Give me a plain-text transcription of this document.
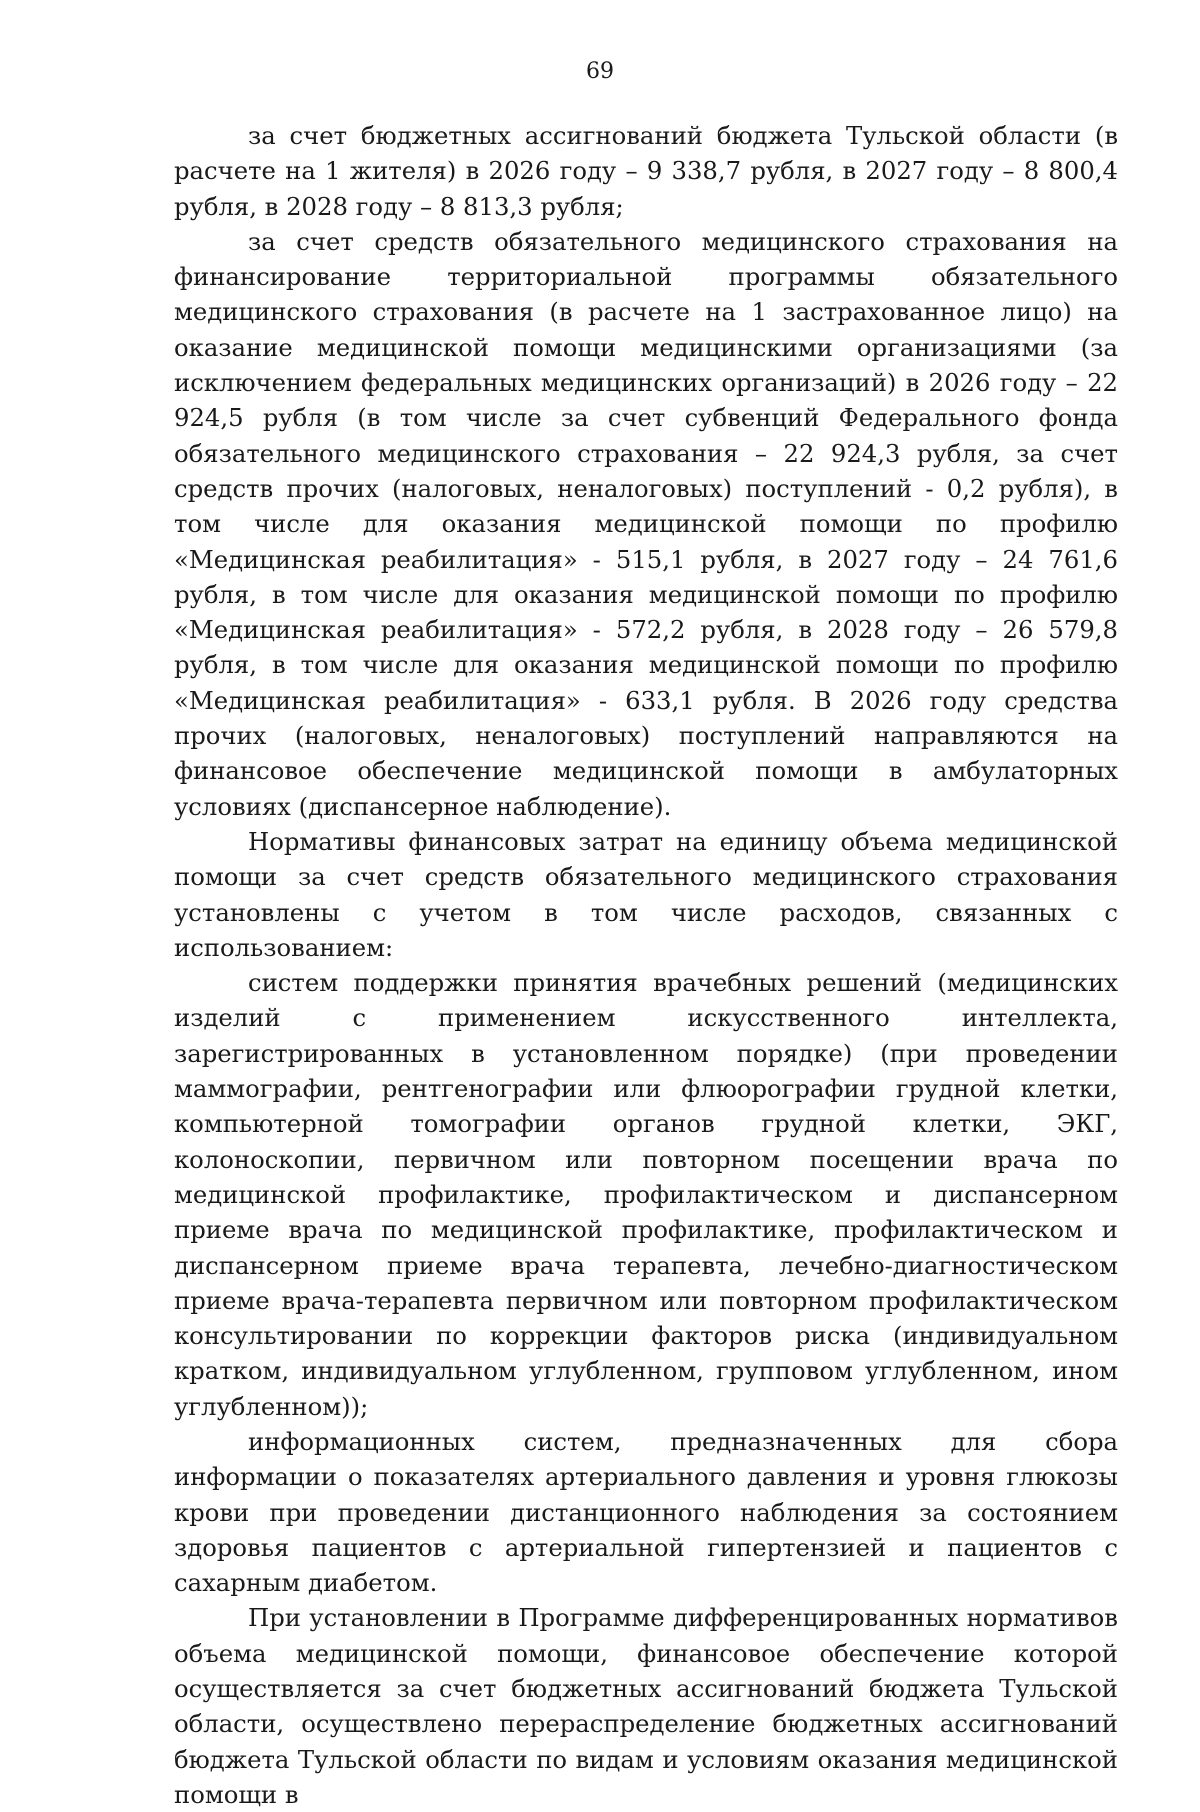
69

за счет бюджетных ассигнований бюджета Тульской области (в расчете на 1 жителя) в 2026 году – 9 338,7 рубля, в 2027 году – 8 800,4 рубля, в 2028 году – 8 813,3 рубля;

за счет средств обязательного медицинского страхования на финансирование территориальной программы обязательного медицинского страхования (в расчете на 1 застрахованное лицо) на оказание медицинской помощи медицинскими организациями (за исключением федеральных медицинских организаций) в 2026 году – 22 924,5 рубля (в том числе за счет субвенций Федерального фонда обязательного медицинского страхования – 22 924,3 рубля, за счет средств прочих (налоговых, неналоговых) поступлений - 0,2 рубля), в том числе для оказания медицинской помощи по профилю «Медицинская реабилитация» - 515,1 рубля, в 2027 году – 24 761,6 рубля, в том числе для оказания медицинской помощи по профилю «Медицинская реабилитация» - 572,2 рубля, в 2028 году – 26 579,8 рубля, в том числе для оказания медицинской помощи по профилю «Медицинская реабилитация» - 633,1 рубля. В 2026 году средства прочих (налоговых, неналоговых) поступлений направляются на финансовое обеспечение медицинской помощи в амбулаторных условиях (диспансерное наблюдение).

Нормативы финансовых затрат на единицу объема медицинской помощи за счет средств обязательного медицинского страхования установлены с учетом в том числе расходов, связанных с использованием:

систем поддержки принятия врачебных решений (медицинских изделий с применением искусственного интеллекта, зарегистрированных в установленном порядке) (при проведении маммографии, рентгенографии или флюорографии грудной клетки, компьютерной томографии органов грудной клетки, ЭКГ, колоноскопии, первичном или повторном посещении врача по медицинской профилактике, профилактическом и диспансерном приеме врача по медицинской профилактике, профилактическом и диспансерном приеме врача терапевта, лечебно-диагностическом приеме врача-терапевта первичном или повторном профилактическом консультировании по коррекции факторов риска (индивидуальном кратком, индивидуальном углубленном, групповом углубленном, ином углубленном));

информационных систем, предназначенных для сбора информации о показателях артериального давления и уровня глюкозы крови при проведении дистанционного наблюдения за состоянием здоровья пациентов с артериальной гипертензией и пациентов с сахарным диабетом.

При установлении в Программе дифференцированных нормативов объема медицинской помощи, финансовое обеспечение которой осуществляется за счет бюджетных ассигнований бюджета Тульской области, осуществлено перераспределение бюджетных ассигнований бюджета Тульской области по видам и условиям оказания медицинской помощи в
